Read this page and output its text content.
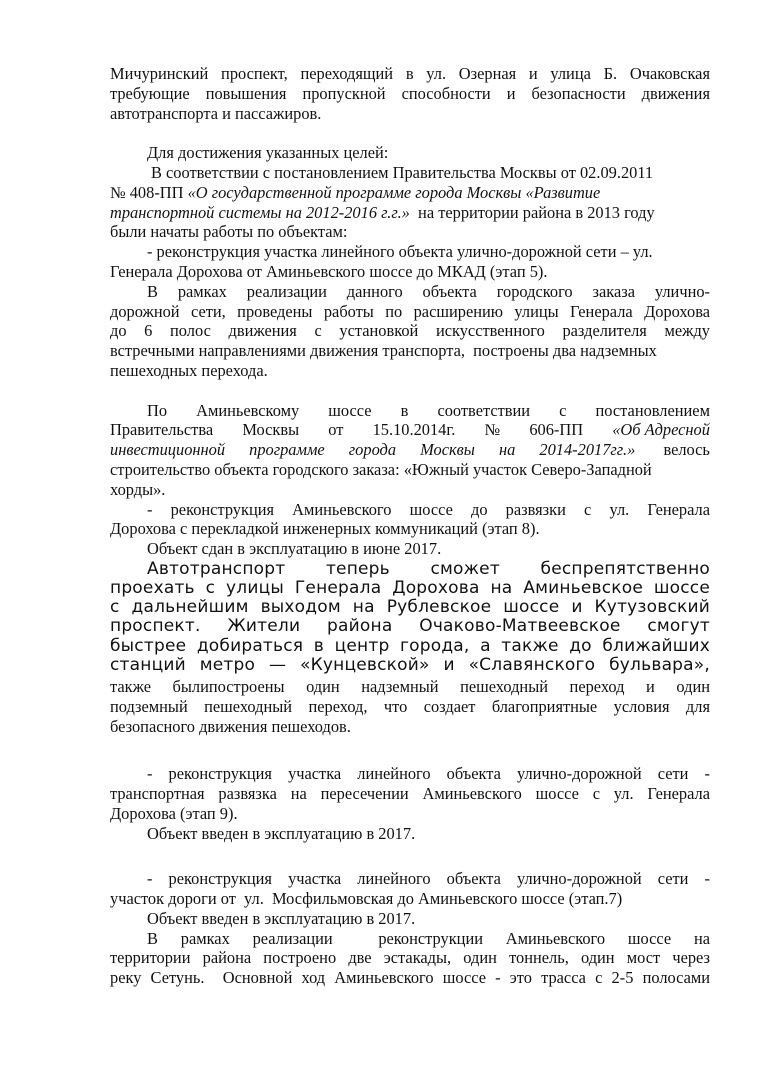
Мичуринский проспект, переходящий в ул. Озерная и улица Б. Очаковская
требующие повышения пропускной способности и безопасности движения
автотранспорта и пассажиров.
Для достижения указанных целей:
В соответствии с постановлением Правительства Москвы от 02.09.2011
№ 408-ПП «О государственной программе города Москвы «Развитие
транспортной системы на 2012-2016 г.г.»  на территории района в 2013 году
были начаты работы по объектам:
- реконструкция участка линейного объекта улично-дорожной сети – ул.
Генерала Дорохова от Аминьевского шоссе до МКАД (этап 5).
В рамках реализации данного объекта городского заказа улично-
дорожной сети, проведены работы по расширению улицы Генерала Дорохова
до 6 полос движения с установкой искусственного разделителя между
встречными направлениями движения транспорта,  построены два надземных
пешеходных перехода.
По Аминьевскому шоссе в соответствии с постановлением
Правительства Москвы от 15.10.2014г. № 606-ПП «Об Адресной
инвестиционной программе города Москвы на 2014-2017гг.» велось
строительство объекта городского заказа: «Южный участок Северо-Западной
хорды».
- реконструкция Аминьевского шоссе до развязки с ул. Генерала
Дорохова с перекладкой инженерных коммуникаций (этап 8).
Объект сдан в эксплуатацию в июне 2017.
Автотранспорт теперь сможет беспрепятственно
проехать с улицы Генерала Дорохова на Аминьевское шоссе
с дальнейшим выходом на Рублевское шоссе и Кутузовский
проспект. Жители района Очаково-Матвеевское смогут
быстрее добираться в центр города, а также до ближайших
станций метро — «Кунцевской» и «Славянского бульвара»,
также былипостроены один надземный пешеходный переход и один
подземный пешеходный переход, что создает благоприятные условия для
безопасного движения пешеходов.
- реконструкция участка линейного объекта улично-дорожной сети -
транспортная развязка на пересечении Аминьевского шоссе с ул. Генерала
Дорохова (этап 9).
Объект введен в эксплуатацию в 2017.
- реконструкция участка линейного объекта улично-дорожной сети -
участок дороги от  ул.  Мосфильмовская до Аминьевского шоссе (этап.7)
Объект введен в эксплуатацию в 2017.
В рамках реализации  реконструкции Аминьевского шоссе на
территории района построено две эстакады, один тоннель, один мост через
реку Сетунь.  Основной ход Аминьевского шоссе - это трасса с 2-5 полосами
